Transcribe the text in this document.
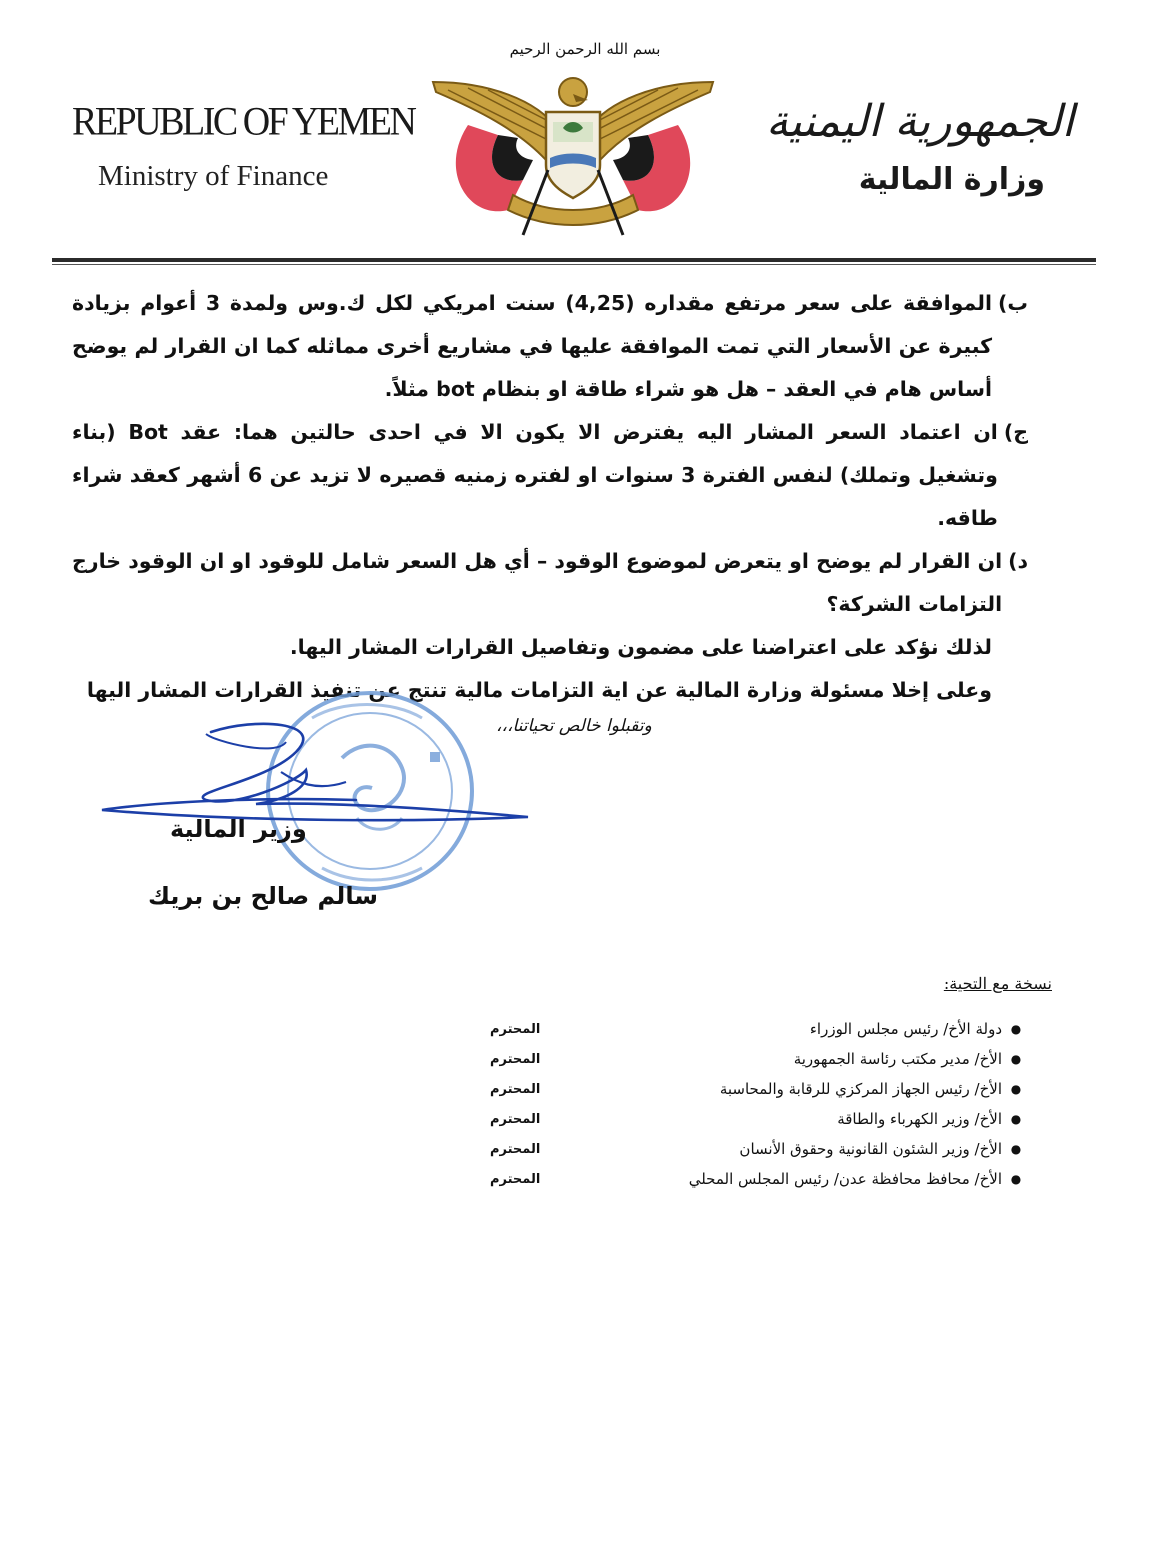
بسم الله الرحمن الرحيم
REPUBLIC OF YEMEN
Ministry of Finance
الجمهورية اليمنية
وزارة المالية
ب)
الموافقة على سعر مرتفع مقداره (4,25) سنت امريكي لكل ك.وس ولمدة 3 أعوام بزيادة كبيرة عن الأسعار التي تمت الموافقة عليها في مشاريع أخرى مماثله كما ان القرار لم يوضح أساس هام في العقد – هل هو شراء طاقة او بنظام bot مثلاً.
ج)
ان اعتماد السعر المشار اليه يفترض الا يكون الا في احدى حالتين هما: عقد Bot (بناء وتشغيل وتملك) لنفس الفترة 3 سنوات او لفتره زمنيه قصيره لا تزيد عن 6 أشهر كعقد شراء طاقه.
د)
ان القرار لم يوضح او يتعرض لموضوع الوقود – أي هل السعر شامل للوقود او ان الوقود خارج التزامات الشركة؟
لذلك نؤكد على اعتراضنا على مضمون وتفاصيل القرارات المشار اليها.
وعلى إخلا مسئولة وزارة المالية عن اية التزامات مالية تنتج عن تنفيذ القرارات المشار اليها
وتقبلوا خالص تحياتنا،،،
وزير المالية
سالم صالح بن بريك
نسخة مع التحية:
●
دولة الأخ/ رئيس مجلس الوزراء
المحترم
●
الأخ/ مدير مكتب رئاسة الجمهورية
المحترم
●
الأخ/ رئيس الجهاز المركزي للرقابة والمحاسبة
المحترم
●
الأخ/ وزير الكهرباء والطاقة
المحترم
●
الأخ/ وزير الشئون القانونية وحقوق الأنسان
المحترم
●
الأخ/ محافظ محافظة عدن/ رئيس المجلس المحلي
المحترم
